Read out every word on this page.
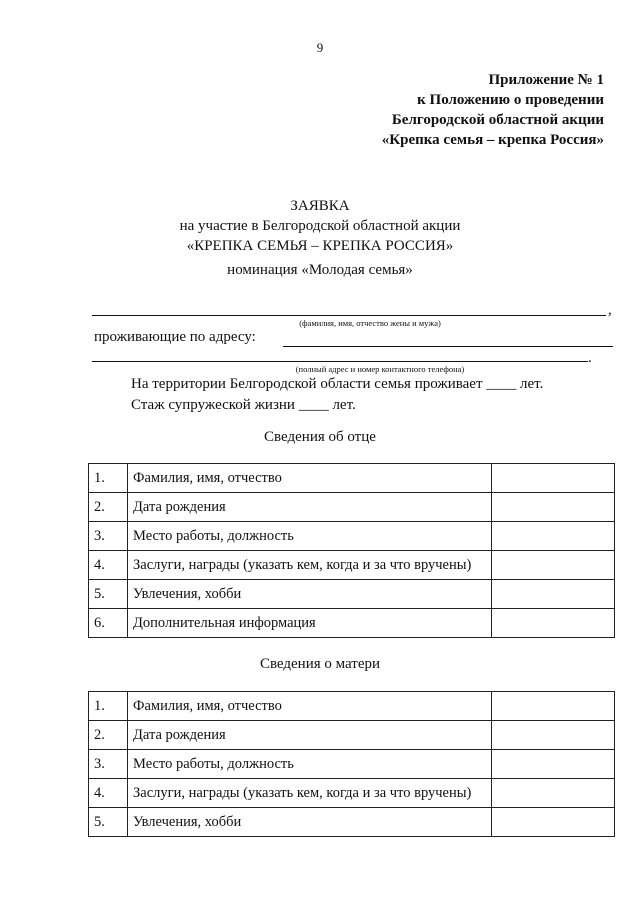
9
Приложение № 1
к Положению о проведении
Белгородской областной акции
«Крепка семья – крепка Россия»
ЗАЯВКА
на участие в Белгородской областной акции
«КРЕПКА СЕМЬЯ – КРЕПКА РОССИЯ»
номинация «Молодая семья»
,
(фамилия, имя, отчество жены и мужа)
проживающие по адресу:
.
(полный адрес и номер контактного телефона)
На территории Белгородской области семья проживает ____ лет.
Стаж супружеской жизни ____ лет.
Сведения об отце
1.	Фамилия, имя, отчество	
2.	Дата рождения	
3.	Место работы, должность	
4.	Заслуги, награды (указать кем, когда и за что вручены)	
5.	Увлечения, хобби	
6.	Дополнительная информация	
Сведения о матери
1.	Фамилия, имя, отчество	
2.	Дата рождения	
3.	Место работы, должность	
4.	Заслуги, награды (указать кем, когда и за что вручены)	
5.	Увлечения, хобби	
